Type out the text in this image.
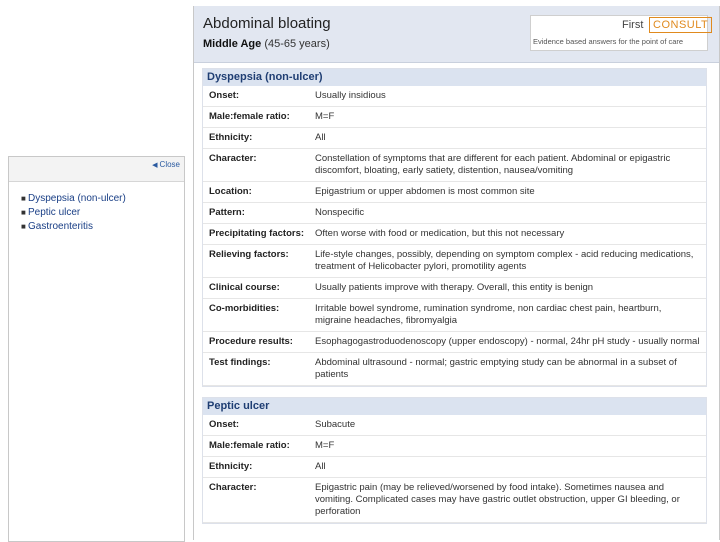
◀ Close
■ Dyspepsia (non-ulcer)
■ Peptic ulcer
■ Gastroenteritis
Abdominal bloating
Middle Age (45-65 years)
First CONSULT
Evidence based answers for the point of care
Dyspepsia (non-ulcer)
Onset:	Usually insidious
Male:female ratio:	M=F
Ethnicity:	All
Character:	Constellation of symptoms that are different for each patient. Abdominal or epigastric discomfort, bloating, early satiety, distention, nausea/vomiting
Location:	Epigastrium or upper abdomen is most common site
Pattern:	Nonspecific
Precipitating factors:	Often worse with food or medication, but this not necessary
Relieving factors:	Life-style changes, possibly, depending on symptom complex - acid reducing medications, treatment of Helicobacter pylori, promotility agents
Clinical course:	Usually patients improve with therapy. Overall, this entity is benign
Co-morbidities:	Irritable bowel syndrome, rumination syndrome, non cardiac chest pain, heartburn, migraine headaches, fibromyalgia
Procedure results:	Esophagogastroduodenoscopy (upper endoscopy) - normal, 24hr pH study - usually normal
Test findings:	Abdominal ultrasound - normal; gastric emptying study can be abnormal in a subset of patients
Peptic ulcer
Onset:	Subacute
Male:female ratio:	M=F
Ethnicity:	All
Character:	Epigastric pain (may be relieved/worsened by food intake). Sometimes nausea and vomiting. Complicated cases may have gastric outlet obstruction, upper GI bleeding, or perforation
